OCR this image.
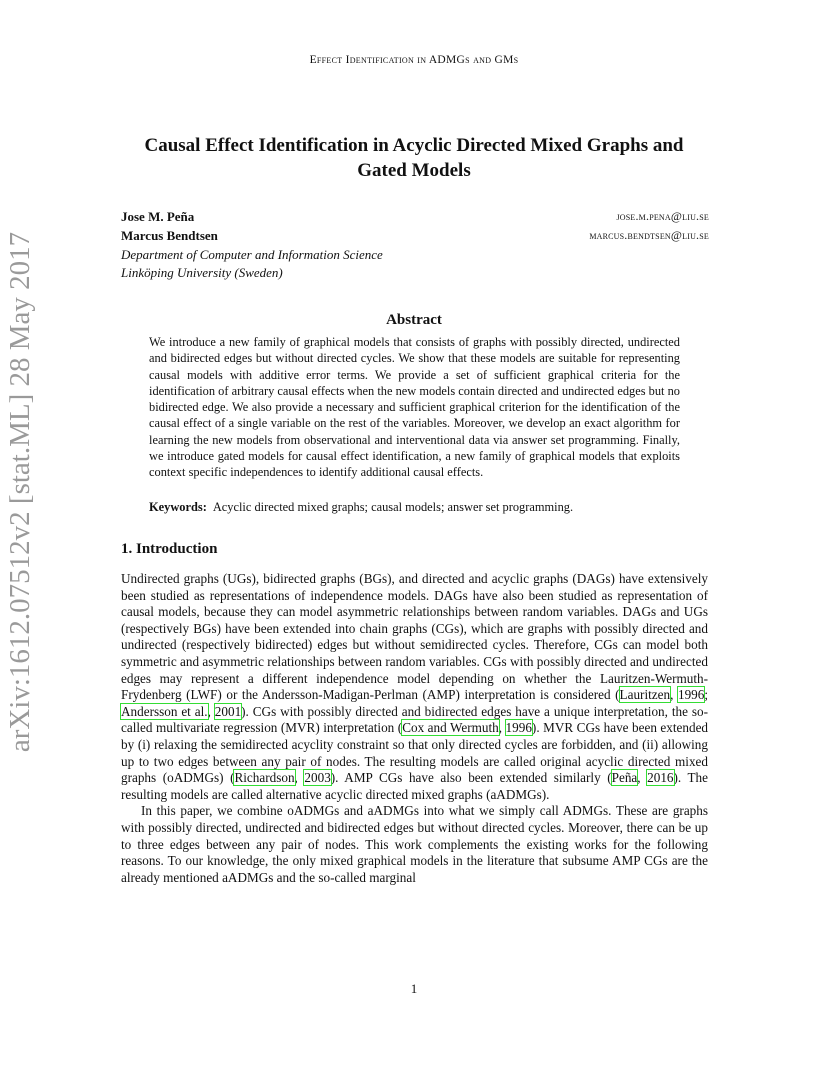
Effect Identification in ADMGs and GMs
arXiv:1612.07512v2 [stat.ML] 28 May 2017
Causal Effect Identification in Acyclic Directed Mixed Graphs and
Gated Models
Jose M. Peña	jose.m.pena@liu.se
Marcus Bendtsen	marcus.bendtsen@liu.se
Department of Computer and Information Science
Linköping University (Sweden)
Abstract
We introduce a new family of graphical models that consists of graphs with possibly directed, undirected and bidirected edges but without directed cycles. We show that these models are suitable for representing causal models with additive error terms. We provide a set of sufficient graphical criteria for the identification of arbitrary causal effects when the new models contain directed and undirected edges but no bidirected edge. We also provide a necessary and sufficient graphical criterion for the identification of the causal effect of a single variable on the rest of the variables. Moreover, we develop an exact algorithm for learning the new models from observational and interventional data via answer set programming. Finally, we introduce gated models for causal effect identification, a new family of graphical models that exploits context specific independences to identify additional causal effects.
Keywords: Acyclic directed mixed graphs; causal models; answer set programming.
1. Introduction

Undirected graphs (UGs), bidirected graphs (BGs), and directed and acyclic graphs (DAGs) have extensively been studied as representations of independence models. DAGs have also been studied as representation of causal models, because they can model asymmetric relationships between random variables. DAGs and UGs (respectively BGs) have been extended into chain graphs (CGs), which are graphs with possibly directed and undirected (respectively bidirected) edges but without semidirected cycles. Therefore, CGs can model both symmetric and asymmetric relationships between random variables. CGs with possibly directed and undirected edges may represent a different independence model depending on whether the Lauritzen-Wermuth-Frydenberg (LWF) or the Andersson-Madigan-Perlman (AMP) interpretation is considered (Lauritzen, 1996; Andersson et al., 2001). CGs with possibly directed and bidirected edges have a unique interpretation, the so-called multivariate regression (MVR) interpretation (Cox and Wermuth, 1996). MVR CGs have been extended by (i) relaxing the semidirected acyclity constraint so that only directed cycles are forbidden, and (ii) allowing up to two edges between any pair of nodes. The resulting models are called original acyclic directed mixed graphs (oADMGs) (Richardson, 2003). AMP CGs have also been extended similarly (Peña, 2016). The resulting models are called alternative acyclic directed mixed graphs (aADMGs).

In this paper, we combine oADMGs and aADMGs into what we simply call ADMGs. These are graphs with possibly directed, undirected and bidirected edges but without directed cycles. Moreover, there can be up to three edges between any pair of nodes. This work complements the existing works for the following reasons. To our knowledge, the only mixed graphical models in the literature that subsume AMP CGs are the already mentioned aADMGs and the so-called marginal

1
